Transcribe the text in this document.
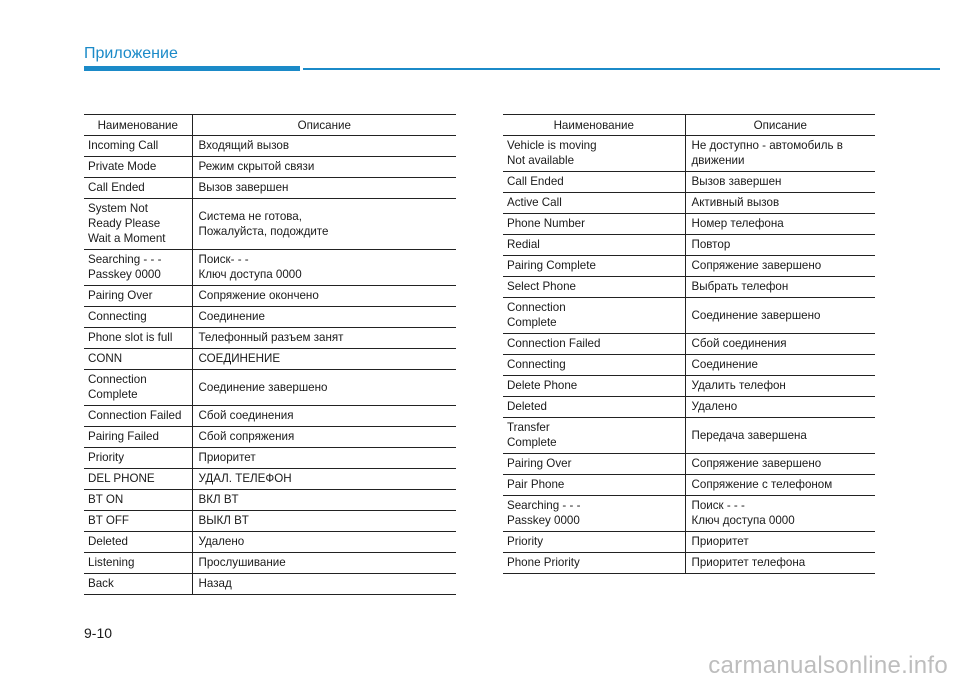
Приложение
Наименование	Описание
Incoming Call	Входящий вызов
Private Mode	Режим скрытой связи
Call Ended	Вызов завершен
System Not
Ready Please
Wait a Moment	Система не готова,
Пожалуйста, подождите
Searching - - -
Passkey 0000	Поиск- - -
Ключ доступа 0000
Pairing Over	Сопряжение окончено
Connecting	Соединение
Phone slot is full	Телефонный разъем занят
CONN	СОЕДИНЕНИЕ
Connection
Complete	Соединение завершено
Connection Failed	Сбой соединения
Pairing Failed	Сбой сопряжения
Priority	Приоритет
DEL PHONE	УДАЛ. ТЕЛЕФОН
BT ON	ВКЛ BT
BT OFF	ВЫКЛ BT
Deleted	Удалено
Listening	Прослушивание
Back	Назад
Наименование	Описание
Vehicle is moving
Not available	Не доступно - автомобиль в
движении
Call Ended	Вызов завершен
Active Call	Активный вызов
Phone Number	Номер телефона
Redial	Повтор
Pairing Complete	Сопряжение завершено
Select Phone	Выбрать телефон
Connection
Complete	Соединение завершено
Connection Failed	Сбой соединения
Connecting	Соединение
Delete Phone	Удалить телефон
Deleted	Удалено
Transfer
Complete	Передача завершена
Pairing Over	Сопряжение завершено
Pair Phone	Сопряжение с телефоном
Searching - - -
Passkey 0000	Поиск - - -
Ключ доступа 0000
Priority	Приоритет
Phone Priority	Приоритет телефона
9-10
carmanualsonline.info
